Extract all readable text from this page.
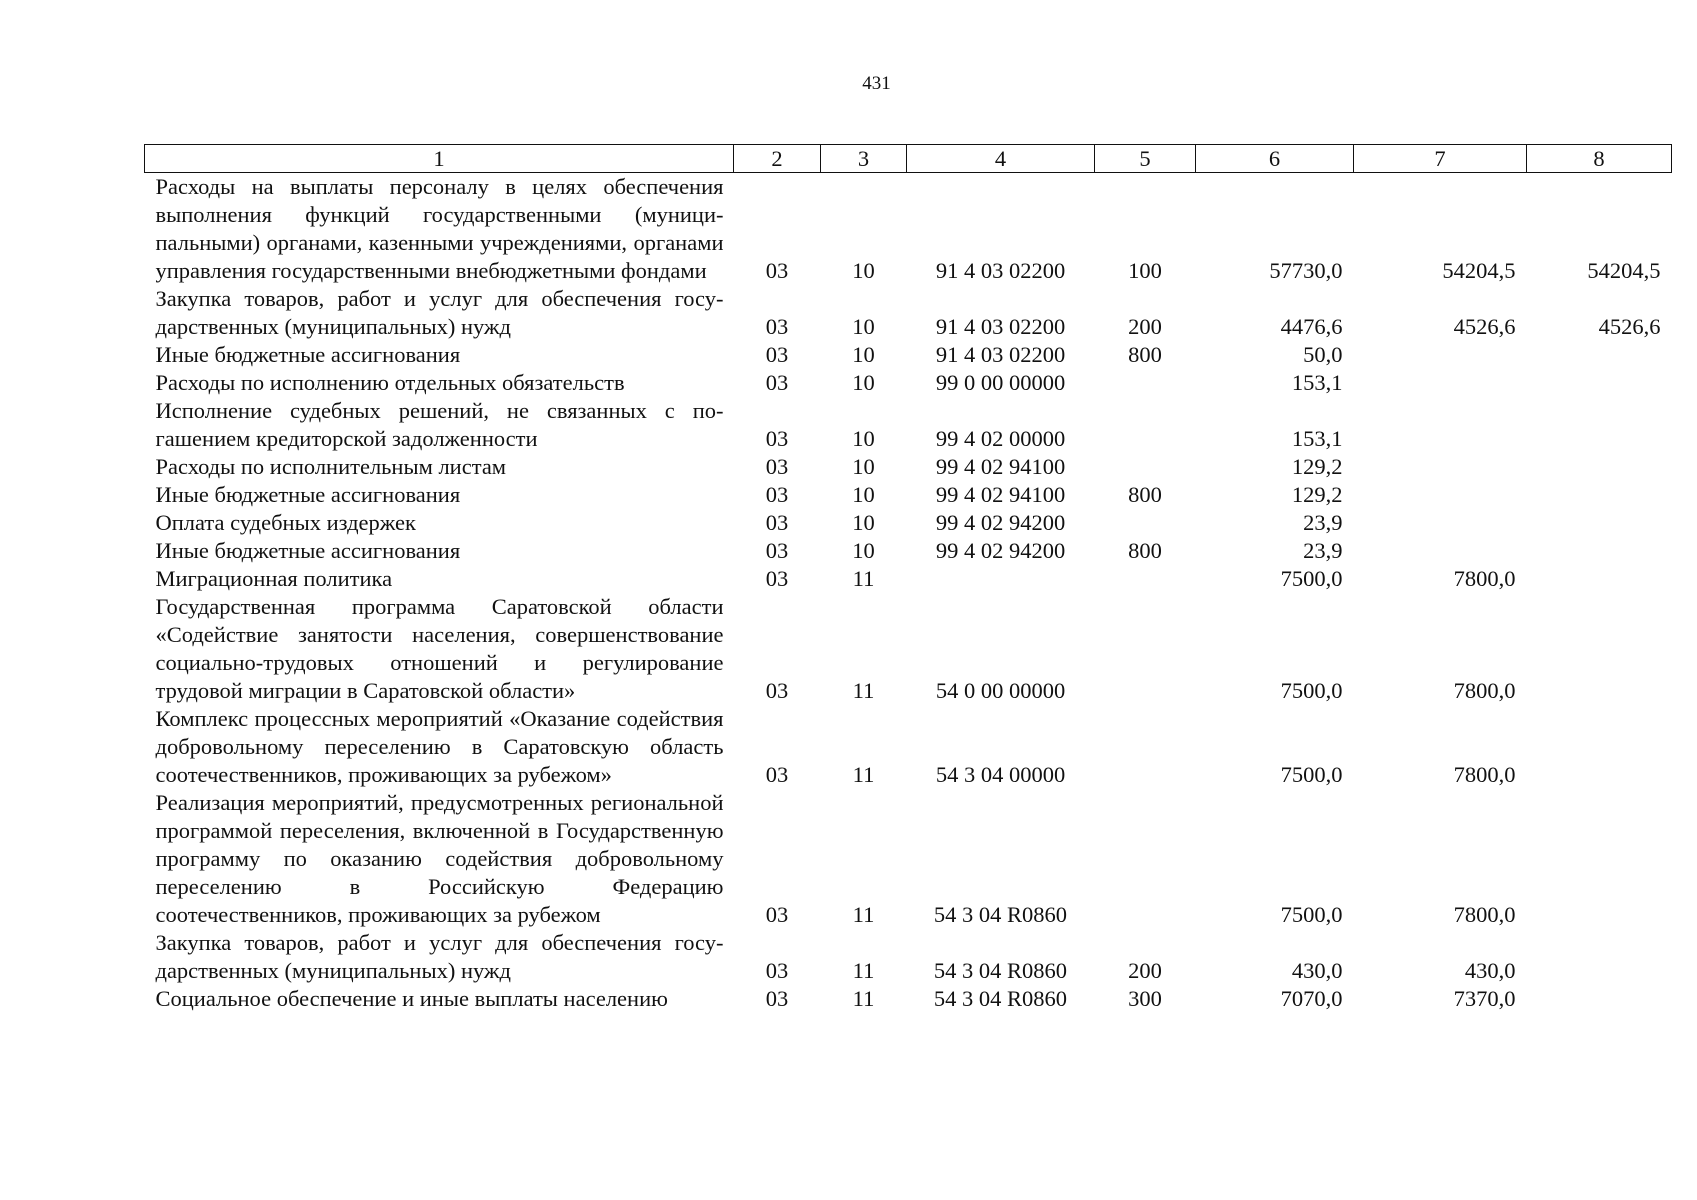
431
1	2	3	4	5	6	7	8
Расходы на выплаты персоналу в целях обеспечения выполнения функций государственными (муниципальными) органами, казенными учреждениями, органами управления государственными внебюджетными фондами	03	10	91 4 03 02200	100	57730,0	54204,5	54204,5
Закупка товаров, работ и услуг для обеспечения государственных (муниципальных) нужд	03	10	91 4 03 02200	200	4476,6	4526,6	4526,6
Иные бюджетные ассигнования	03	10	91 4 03 02200	800	50,0		
Расходы по исполнению отдельных обязательств	03	10	99 0 00 00000		153,1		
Исполнение судебных решений, не связанных с погашением кредиторской задолженности	03	10	99 4 02 00000		153,1		
Расходы по исполнительным листам	03	10	99 4 02 94100		129,2		
Иные бюджетные ассигнования	03	10	99 4 02 94100	800	129,2		
Оплата судебных издержек	03	10	99 4 02 94200		23,9		
Иные бюджетные ассигнования	03	10	99 4 02 94200	800	23,9		
Миграционная политика	03	11			7500,0	7800,0	
Государственная программа Саратовской области «Содействие занятости населения, совершенствование социально-трудовых отношений и регулирование трудовой миграции в Саратовской области»	03	11	54 0 00 00000		7500,0	7800,0	
Комплекс процессных мероприятий «Оказание содействия добровольному переселению в Саратовскую область соотечественников, проживающих за рубежом»	03	11	54 3 04 00000		7500,0	7800,0	
Реализация мероприятий, предусмотренных региональной программой переселения, включенной в Государственную программу по оказанию содействия добровольному переселению в Российскую Федерацию соотечественников, проживающих за рубежом	03	11	54 3 04 R0860		7500,0	7800,0	
Закупка товаров, работ и услуг для обеспечения государственных (муниципальных) нужд	03	11	54 3 04 R0860	200	430,0	430,0	
Социальное обеспечение и иные выплаты населению	03	11	54 3 04 R0860	300	7070,0	7370,0	
